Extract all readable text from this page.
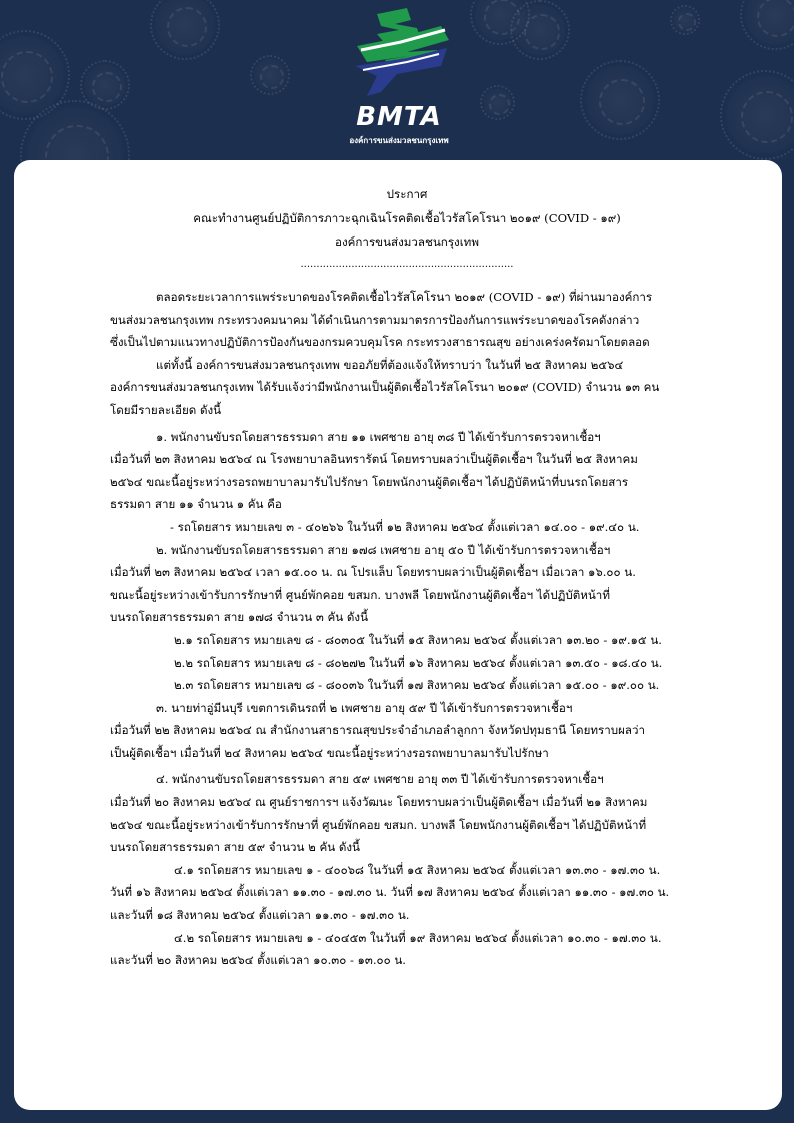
BMTA
องค์การขนส่งมวลชนกรุงเทพ
ประกาศ
คณะทำงานศูนย์ปฏิบัติการภาวะฉุกเฉินโรคติดเชื้อไวรัสโคโรนา ๒๐๑๙ (COVID - ๑๙)
องค์การขนส่งมวลชนกรุงเทพ
...................................................................

ตลอดระยะเวลาการแพร่ระบาดของโรคติดเชื้อไวรัสโคโรนา ๒๐๑๙ (COVID - ๑๙) ที่ผ่านมาองค์การ

ขนส่งมวลชนกรุงเทพ กระทรวงคมนาคม ได้ดำเนินการตามมาตรการป้องกันการแพร่ระบาดของโรคดังกล่าว

ซึ่งเป็นไปตามแนวทางปฏิบัติการป้องกันของกรมควบคุมโรค กระทรวงสาธารณสุข อย่างเคร่งครัดมาโดยตลอด

แต่ทั้งนี้ องค์การขนส่งมวลชนกรุงเทพ ขออภัยที่ต้องแจ้งให้ทราบว่า ในวันที่ ๒๕ สิงหาคม ๒๕๖๔

องค์การขนส่งมวลชนกรุงเทพ ได้รับแจ้งว่ามีพนักงานเป็นผู้ติดเชื้อไวรัสโคโรนา ๒๐๑๙ (COVID) จำนวน ๑๓ คน

โดยมีรายละเอียด ดังนี้

๑. พนักงานขับรถโดยสารธรรมดา สาย ๑๑ เพศชาย อายุ ๓๘ ปี ได้เข้ารับการตรวจหาเชื้อฯ

เมื่อวันที่ ๒๓ สิงหาคม ๒๕๖๔ ณ โรงพยาบาลอินทรารัตน์ โดยทราบผลว่าเป็นผู้ติดเชื้อฯ ในวันที่ ๒๕ สิงหาคม

๒๕๖๔ ขณะนี้อยู่ระหว่างรอรถพยาบาลมารับไปรักษา โดยพนักงานผู้ติดเชื้อฯ ได้ปฏิบัติหน้าที่บนรถโดยสาร

ธรรมดา สาย ๑๑ จำนวน ๑ คัน คือ

- รถโดยสาร หมายเลข ๓ - ๔๐๒๖๖ ในวันที่ ๑๒ สิงหาคม ๒๕๖๔ ตั้งแต่เวลา ๑๔.๐๐ - ๑๙.๔๐ น.

๒. พนักงานขับรถโดยสารธรรมดา สาย ๑๗๘ เพศชาย อายุ ๕๐ ปี ได้เข้ารับการตรวจหาเชื้อฯ

เมื่อวันที่ ๒๓ สิงหาคม ๒๕๖๔ เวลา ๑๕.๐๐ น. ณ โปรแล็บ โดยทราบผลว่าเป็นผู้ติดเชื้อฯ เมื่อเวลา ๑๖.๐๐ น.

ขณะนี้อยู่ระหว่างเข้ารับการรักษาที่ ศูนย์พักคอย ขสมก. บางพลี โดยพนักงานผู้ติดเชื้อฯ ได้ปฏิบัติหน้าที่

บนรถโดยสารธรรมดา สาย ๑๗๘ จำนวน ๓ คัน ดังนี้

๒.๑ รถโดยสาร หมายเลข ๘ - ๘๐๓๐๕ ในวันที่ ๑๕ สิงหาคม ๒๕๖๔ ตั้งแต่เวลา ๑๓.๒๐ - ๑๙.๑๕ น.

๒.๒ รถโดยสาร หมายเลข ๘ - ๘๐๒๗๒ ในวันที่ ๑๖ สิงหาคม ๒๕๖๔ ตั้งแต่เวลา ๑๓.๕๐ - ๑๘.๔๐ น.

๒.๓ รถโดยสาร หมายเลข ๘ - ๘๐๐๓๖ ในวันที่ ๑๗ สิงหาคม ๒๕๖๔ ตั้งแต่เวลา ๑๕.๐๐ - ๑๙.๐๐ น.

๓. นายท่าอู่มีนบุรี เขตการเดินรถที่ ๒ เพศชาย อายุ ๕๙ ปี ได้เข้ารับการตรวจหาเชื้อฯ

เมื่อวันที่ ๒๒ สิงหาคม ๒๕๖๔ ณ สำนักงานสาธารณสุขประจำอำเภอลำลูกกา จังหวัดปทุมธานี โดยทราบผลว่า

เป็นผู้ติดเชื้อฯ เมื่อวันที่ ๒๔ สิงหาคม ๒๕๖๔ ขณะนี้อยู่ระหว่างรอรถพยาบาลมารับไปรักษา

๔. พนักงานขับรถโดยสารธรรมดา สาย ๕๙ เพศชาย อายุ ๓๓ ปี ได้เข้ารับการตรวจหาเชื้อฯ

เมื่อวันที่ ๒๐ สิงหาคม ๒๕๖๔ ณ ศูนย์ราชการฯ แจ้งวัฒนะ โดยทราบผลว่าเป็นผู้ติดเชื้อฯ เมื่อวันที่ ๒๑ สิงหาคม

๒๕๖๔ ขณะนี้อยู่ระหว่างเข้ารับการรักษาที่ ศูนย์พักคอย ขสมก. บางพลี โดยพนักงานผู้ติดเชื้อฯ ได้ปฏิบัติหน้าที่

บนรถโดยสารธรรมดา สาย ๕๙ จำนวน ๒ คัน ดังนี้

๔.๑ รถโดยสาร หมายเลข ๑ - ๔๐๐๖๘ ในวันที่ ๑๕ สิงหาคม ๒๕๖๔ ตั้งแต่เวลา ๑๓.๓๐ - ๑๗.๓๐ น.

วันที่ ๑๖ สิงหาคม ๒๕๖๔ ตั้งแต่เวลา ๑๑.๓๐ - ๑๗.๓๐ น. วันที่ ๑๗ สิงหาคม ๒๕๖๔ ตั้งแต่เวลา ๑๑.๓๐ - ๑๗.๓๐ น.

และวันที่ ๑๘ สิงหาคม ๒๕๖๔ ตั้งแต่เวลา ๑๑.๓๐ - ๑๗.๓๐ น.

๔.๒ รถโดยสาร หมายเลข ๑ - ๔๐๔๕๓ ในวันที่ ๑๙ สิงหาคม ๒๕๖๔ ตั้งแต่เวลา ๑๐.๓๐ - ๑๗.๓๐ น.

และวันที่ ๒๐ สิงหาคม ๒๕๖๔ ตั้งแต่เวลา ๑๐.๓๐ - ๑๓.๐๐ น.
